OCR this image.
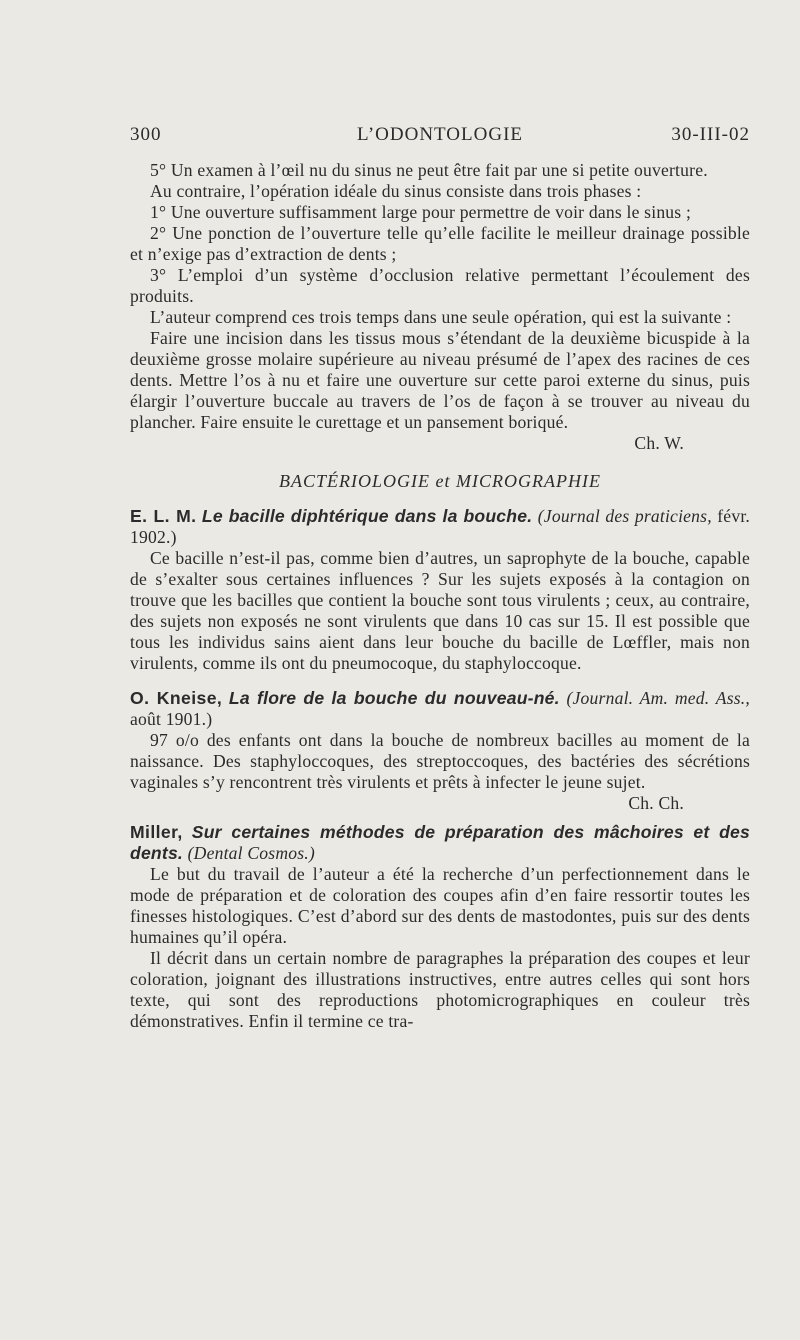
300	L’ODONTOLOGIE	30-III-02

5° Un examen à l’œil nu du sinus ne peut être fait par une si petite ouverture.

Au contraire, l’opération idéale du sinus consiste dans trois phases :

1° Une ouverture suffisamment large pour permettre de voir dans le sinus ;

2° Une ponction de l’ouverture telle qu’elle facilite le meilleur drainage possible et n’exige pas d’extraction de dents ;

3° L’emploi d’un système d’occlusion relative permettant l’écoulement des produits.

L’auteur comprend ces trois temps dans une seule opération, qui est la suivante :

Faire une incision dans les tissus mous s’étendant de la deuxième bicuspide à la deuxième grosse molaire supérieure au niveau présumé de l’apex des racines de ces dents. Mettre l’os à nu et faire une ouverture sur cette paroi externe du sinus, puis élargir l’ouverture buccale au travers de l’os de façon à se trouver au niveau du plancher. Faire ensuite le curettage et un pansement boriqué.

Ch. W.

BACTÉRIOLOGIE et MICROGRAPHIE

E. L. M. Le bacille diphtérique dans la bouche. (Journal des praticiens, févr. 1902.)

Ce bacille n’est-il pas, comme bien d’autres, un saprophyte de la bouche, capable de s’exalter sous certaines influences ? Sur les sujets exposés à la contagion on trouve que les bacilles que contient la bouche sont tous virulents ; ceux, au contraire, des sujets non exposés ne sont virulents que dans 10 cas sur 15. Il est possible que tous les individus sains aient dans leur bouche du bacille de Lœffler, mais non virulents, comme ils ont du pneumocoque, du staphyloccoque.

O. Kneise, La flore de la bouche du nouveau-né. (Journal. Am. med. Ass., août 1901.)

97 o/o des enfants ont dans la bouche de nombreux bacilles au moment de la naissance. Des staphyloccoques, des streptoccoques, des bactéries des sécrétions vaginales s’y rencontrent très virulents et prêts à infecter le jeune sujet.

Ch. Ch.

Miller, Sur certaines méthodes de préparation des mâchoires et des dents. (Dental Cosmos.)

Le but du travail de l’auteur a été la recherche d’un perfectionnement dans le mode de préparation et de coloration des coupes afin d’en faire ressortir toutes les finesses histologiques. C’est d’abord sur des dents de mastodontes, puis sur des dents humaines qu’il opéra.

Il décrit dans un certain nombre de paragraphes la préparation des coupes et leur coloration, joignant des illustrations instructives, entre autres celles qui sont hors texte, qui sont des reproductions photomicrographiques en couleur très démonstratives. Enfin il termine ce tra-
